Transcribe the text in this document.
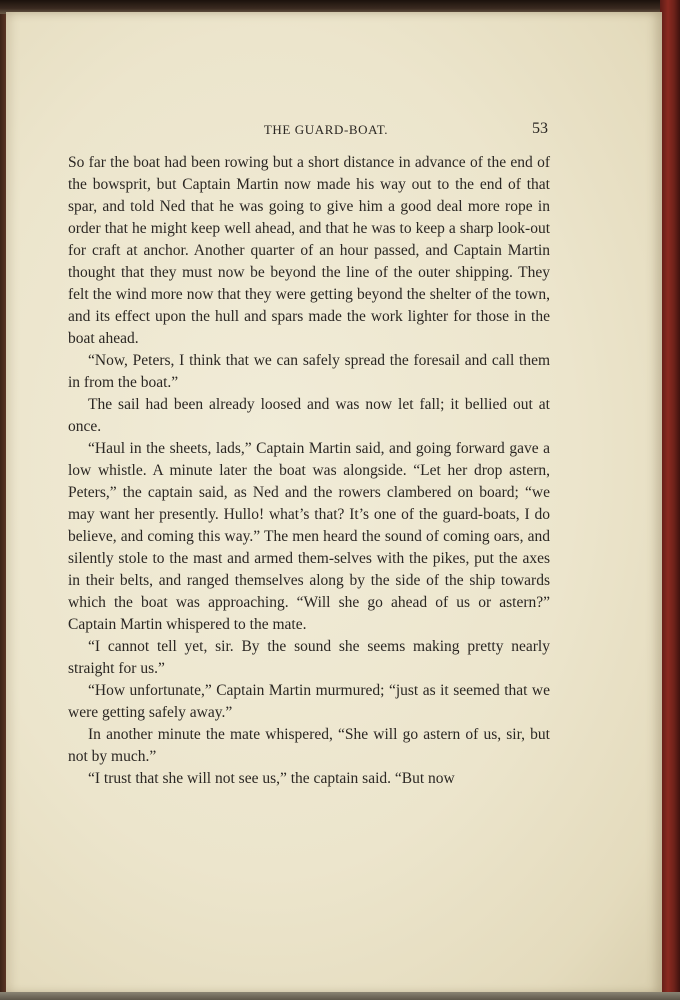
THE GUARD-BOAT.	53

So far the boat had been rowing but a short distance in advance of the end of the bowsprit, but Captain Martin now made his way out to the end of that spar, and told Ned that he was going to give him a good deal more rope in order that he might keep well ahead, and that he was to keep a sharp look-out for craft at anchor. Another quarter of an hour passed, and Captain Martin thought that they must now be beyond the line of the outer shipping. They felt the wind more now that they were getting beyond the shelter of the town, and its effect upon the hull and spars made the work lighter for those in the boat ahead.

“Now, Peters, I think that we can safely spread the foresail and call them in from the boat.”

The sail had been already loosed and was now let fall; it bellied out at once.

“Haul in the sheets, lads,” Captain Martin said, and going forward gave a low whistle. A minute later the boat was alongside. “Let her drop astern, Peters,” the captain said, as Ned and the rowers clambered on board; “we may want her presently. Hullo! what’s that? It’s one of the guard-boats, I do believe, and coming this way.” The men heard the sound of coming oars, and silently stole to the mast and armed them-selves with the pikes, put the axes in their belts, and ranged themselves along by the side of the ship towards which the boat was approaching. “Will she go ahead of us or astern?” Captain Martin whispered to the mate.

“I cannot tell yet, sir. By the sound she seems making pretty nearly straight for us.”

“How unfortunate,” Captain Martin murmured; “just as it seemed that we were getting safely away.”

In another minute the mate whispered, “She will go astern of us, sir, but not by much.”

“I trust that she will not see us,” the captain said. “But now
